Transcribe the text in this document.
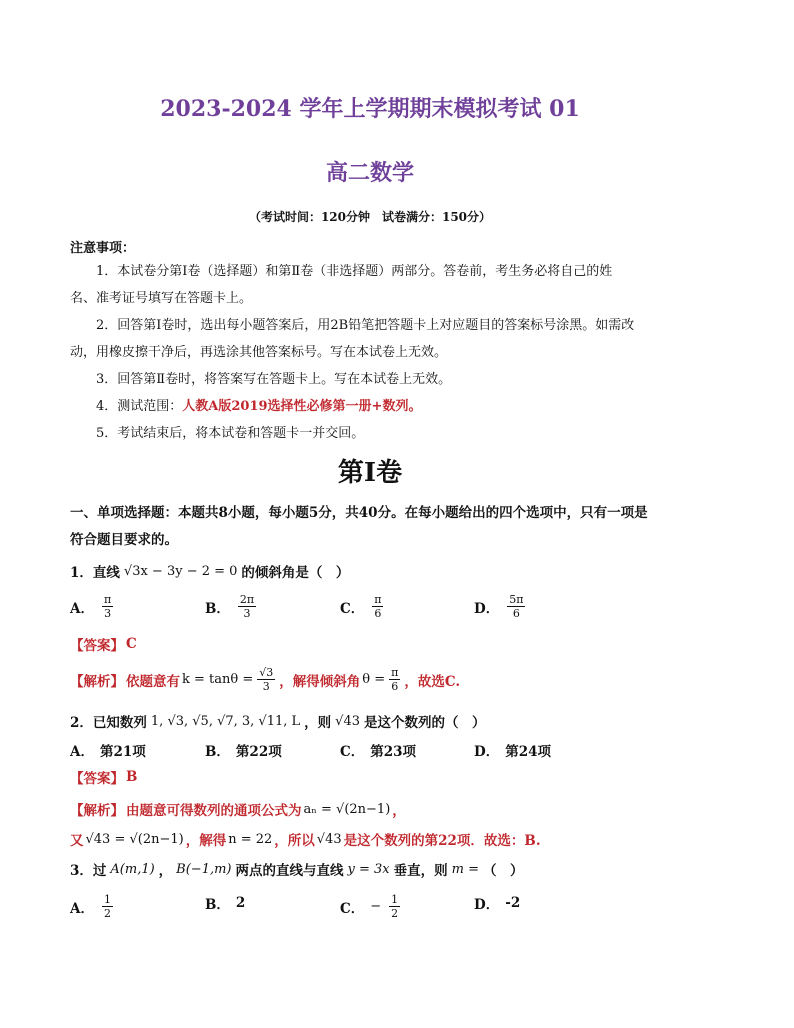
2023-2024 学年上学期期末模拟考试 01
高二数学
（考试时间：120分钟　试卷满分：150分）
注意事项：

1．本试卷分第Ⅰ卷（选择题）和第Ⅱ卷（非选择题）两部分。答卷前，考生务必将自己的姓

名、准考证号填写在答题卡上。

2．回答第Ⅰ卷时，选出每小题答案后，用2B铅笔把答题卡上对应题目的答案标号涂黑。如需改

动，用橡皮擦干净后，再选涂其他答案标号。写在本试卷上无效。

3．回答第Ⅱ卷时，将答案写在答题卡上。写在本试卷上无效。

4．测试范围：人教A版2019选择性必修第一册+数列。

5．考试结束后，将本试卷和答题卡一并交回。

第Ⅰ卷
一、单项选择题：本题共8小题，每小题5分，共40分。在每小题给出的四个选项中，只有一项是
符合题目要求的。
1．直线 √3x − 3y − 2 = 0 的倾斜角是（　）
A． $\frac{\pi}{3}$	B． $\frac{2\pi}{3}$	C． $\frac{\pi}{6}$	D． $\frac{5\pi}{6}$
【答案】 C
【解析】 依题意有 $k = \tan\theta = \frac{√3}{3}$ ，解得倾斜角 $\theta = \frac{\pi}{6}$ ，故选C.
2．已知数列 1, √3, √5, √7, 3, √11, L ，则 √43 是这个数列的（　）
A． 第21项	B． 第22项	C． 第23项	D． 第24项
【答案】 B
【解析】 由题意可得数列的通项公式为 aₙ = √(2n−1) ，
又 √43 = √(2n−1) ，解得 n = 22 ，所以 √43 是这个数列的第22项．故选：B.
3．过 A(m,1) ， B(−1,m) 两点的直线与直线 y = 3x 垂直，则 m = （　）
A． $\frac{1}{2}$	B． 2	C． − $\frac{1}{2}$	D． -2
